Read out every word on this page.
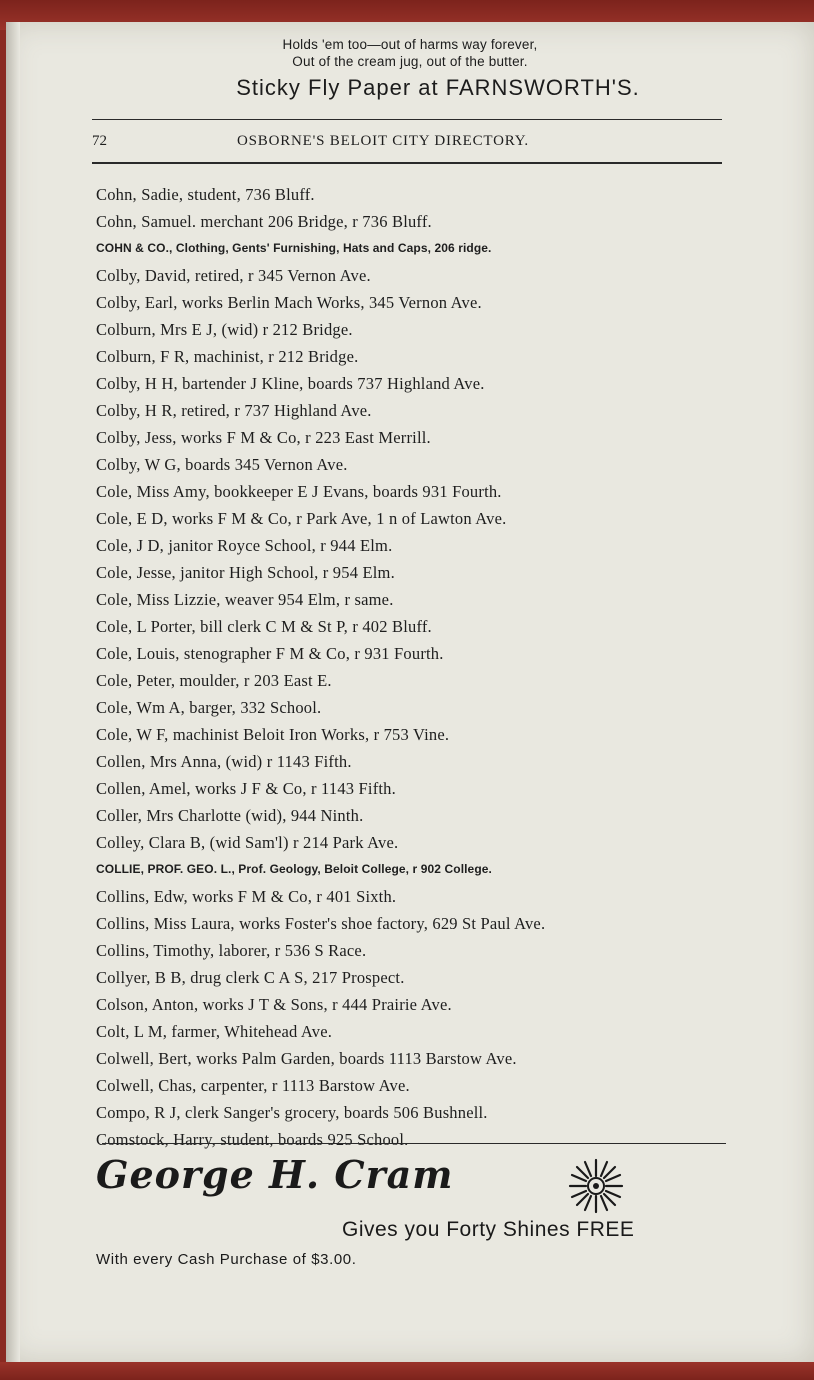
Holds 'em too—out of harms way forever,
Out of the cream jug, out of the butter.
Sticky Fly Paper at FARNSWORTH'S.
72	OSBORNE'S BELOIT CITY DIRECTORY.
Cohn, Sadie, student, 736 Bluff.
Cohn, Samuel. merchant 206 Bridge, r 736 Bluff.
COHN & CO., Clothing, Gents' Furnishing, Hats and Caps, 206 ridge.
Colby, David, retired, r 345 Vernon Ave.
Colby, Earl, works Berlin Mach Works, 345 Vernon Ave.
Colburn, Mrs E J, (wid) r 212 Bridge.
Colburn, F R, machinist, r 212 Bridge.
Colby, H H, bartender J Kline, boards 737 Highland Ave.
Colby, H R, retired, r 737 Highland Ave.
Colby, Jess, works F M & Co, r 223 East Merrill.
Colby, W G, boards 345 Vernon Ave.
Cole, Miss Amy, bookkeeper E J Evans, boards 931 Fourth.
Cole, E D, works F M & Co, r Park Ave, 1 n of Lawton Ave.
Cole, J D, janitor Royce School, r 944 Elm.
Cole, Jesse, janitor High School, r 954 Elm.
Cole, Miss Lizzie, weaver 954 Elm, r same.
Cole, L Porter, bill clerk C M & St P, r 402 Bluff.
Cole, Louis, stenographer F M & Co, r 931 Fourth.
Cole, Peter, moulder, r 203 East E.
Cole, Wm A, barger, 332 School.
Cole, W F, machinist Beloit Iron Works, r 753 Vine.
Collen, Mrs Anna, (wid) r 1143 Fifth.
Collen, Amel, works J F & Co, r 1143 Fifth.
Coller, Mrs Charlotte (wid), 944 Ninth.
Colley, Clara B, (wid Sam'l) r 214 Park Ave.
COLLIE, PROF. GEO. L., Prof. Geology, Beloit College, r 902 College.
Collins, Edw, works F M & Co, r 401 Sixth.
Collins, Miss Laura, works Foster's shoe factory, 629 St Paul Ave.
Collins, Timothy, laborer, r 536 S Race.
Collyer, B B, drug clerk C A S, 217 Prospect.
Colson, Anton, works J T & Sons, r 444 Prairie Ave.
Colt, L M, farmer, Whitehead Ave.
Colwell, Bert, works Palm Garden, boards 1113 Barstow Ave.
Colwell, Chas, carpenter, r 1113 Barstow Ave.
Compo, R J, clerk Sanger's grocery, boards 506 Bushnell.
Comstock, Harry, student, boards 925 School.
George H. Cram
Gives you Forty Shines FREE
With every Cash Purchase of $3.00.
